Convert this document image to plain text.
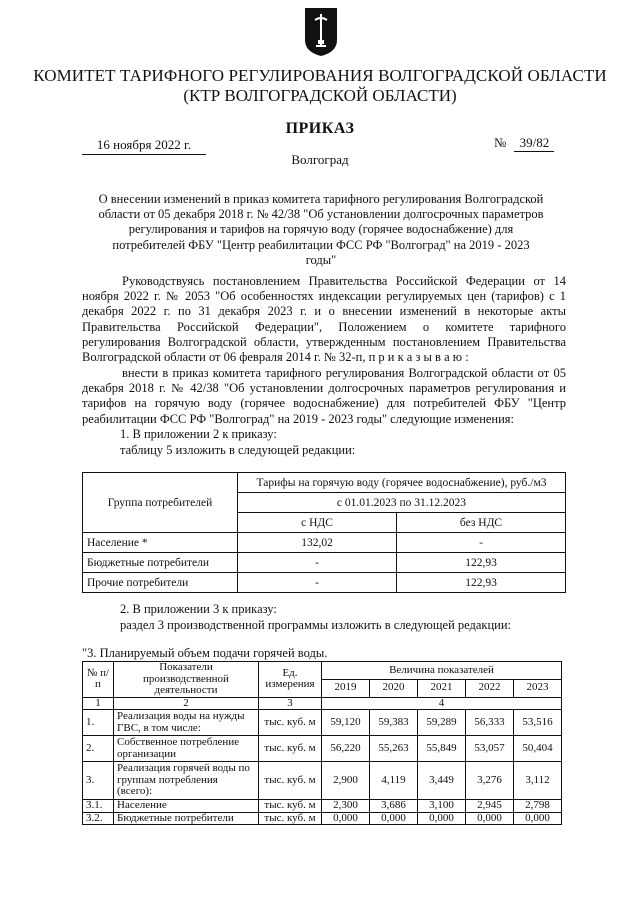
КОМИТЕТ ТАРИФНОГО РЕГУЛИРОВАНИЯ ВОЛГОГРАДСКОЙ ОБЛАСТИ
(КТР ВОЛГОГРАДСКОЙ ОБЛАСТИ)
ПРИКАЗ
16 ноября 2022 г.	№ 39/82
Волгоград
О внесении изменений в приказ комитета тарифного регулирования Волгоградской области от 05 декабря 2018 г. № 42/38 "Об установлении долгосрочных параметров регулирования и тарифов на горячую воду (горячее водоснабжение) для потребителей ФБУ "Центр реабилитации ФСС РФ "Волгоград" на 2019 - 2023 годы"
Руководствуясь постановлением Правительства Российской Федерации от 14 ноября 2022 г. № 2053 "Об особенностях индексации регулируемых цен (тарифов) с 1 декабря 2022 г. по 31 декабря 2023 г. и о внесении изменений в некоторые акты Правительства Российской Федерации", Положением о комитете тарифного регулирования Волгоградской области, утвержденным постановлением Правительства Волгоградской области от 06 февраля 2014 г. № 32-п, п р и к а з ы в а ю :
внести в приказ комитета тарифного регулирования Волгоградской области от 05 декабря 2018 г. № 42/38 "Об установлении долгосрочных параметров регулирования и тарифов на горячую воду (горячее водоснабжение) для потребителей ФБУ "Центр реабилитации ФСС РФ "Волгоград" на 2019 - 2023 годы" следующие изменения:
1. В приложении 2 к приказу:
таблицу 5 изложить в следующей редакции:
Группа потребителей	Тарифы на горячую воду (горячее водоснабжение), руб./м3	
	с 01.01.2023 по 31.12.2023	
	с НДС	без НДС
Население *	132,02	-
Бюджетные потребители	-	122,93
Прочие потребители	-	122,93
2. В приложении 3 к приказу:
раздел 3 производственной программы изложить в следующей редакции:
"3. Планируемый объем подачи горячей воды.
№ п/п	Показатели производственной деятельности	Ед. измерения	Величина показателей				
			2019	2020	2021	2022	2023
1	2	3	4				
1.	Реализация воды на нужды ГВС, в том числе:	тыс. куб. м	59,120	59,383	59,289	56,333	53,516
2.	Собственное потребление организации	тыс. куб. м	56,220	55,263	55,849	53,057	50,404
3.	Реализация горячей воды по группам потребления (всего):	тыс. куб. м	2,900	4,119	3,449	3,276	3,112
3.1.	Население	тыс. куб. м	2,300	3,686	3,100	2,945	2,798
3.2.	Бюджетные потребители	тыс. куб. м	0,000	0,000	0,000	0,000	0,000
